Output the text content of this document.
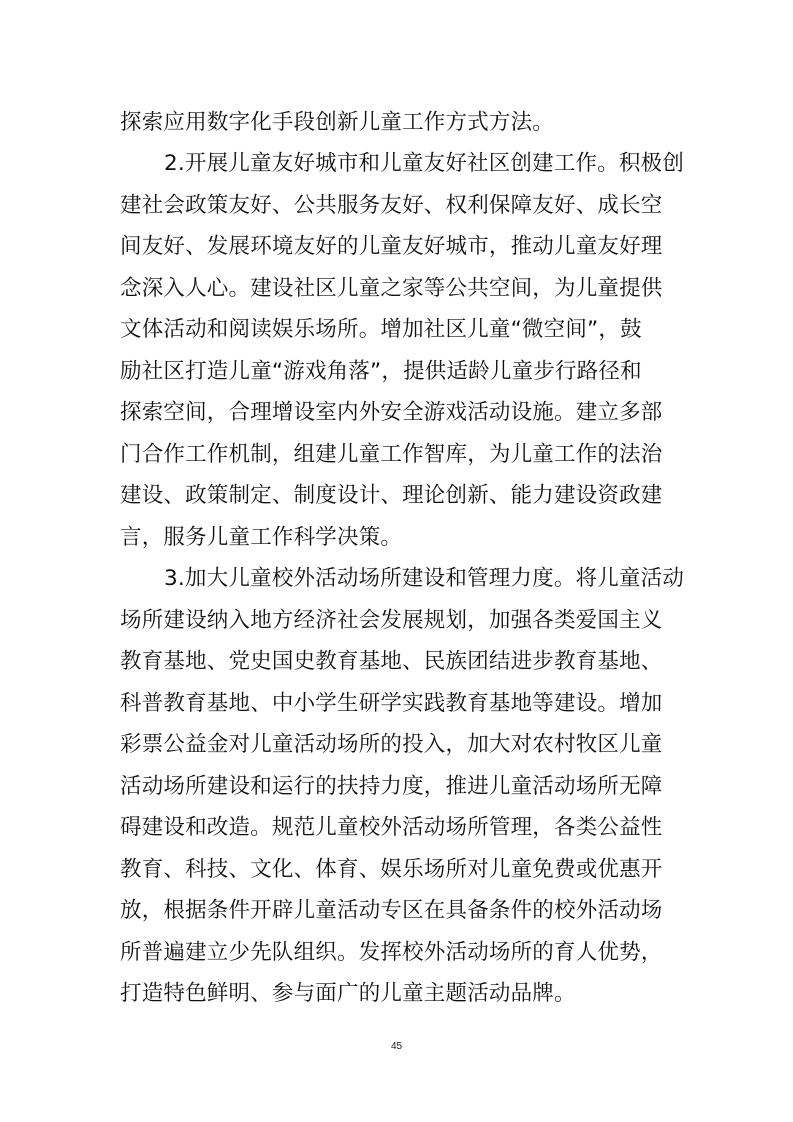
探索应用数字化手段创新儿童工作方式方法。
2.开展儿童友好城市和儿童友好社区创建工作。积极创
建社会政策友好、公共服务友好、权利保障友好、成长空
间友好、发展环境友好的儿童友好城市，推动儿童友好理
念深入人心。建设社区儿童之家等公共空间，为儿童提供
文体活动和阅读娱乐场所。增加社区儿童“微空间”，鼓
励社区打造儿童“游戏角落”，提供适龄儿童步行路径和
探索空间，合理增设室内外安全游戏活动设施。建立多部
门合作工作机制，组建儿童工作智库，为儿童工作的法治
建设、政策制定、制度设计、理论创新、能力建设资政建
言，服务儿童工作科学决策。
3.加大儿童校外活动场所建设和管理力度。将儿童活动
场所建设纳入地方经济社会发展规划，加强各类爱国主义
教育基地、党史国史教育基地、民族团结进步教育基地、
科普教育基地、中小学生研学实践教育基地等建设。增加
彩票公益金对儿童活动场所的投入，加大对农村牧区儿童
活动场所建设和运行的扶持力度，推进儿童活动场所无障
碍建设和改造。规范儿童校外活动场所管理，各类公益性
教育、科技、文化、体育、娱乐场所对儿童免费或优惠开
放，根据条件开辟儿童活动专区在具备条件的校外活动场
所普遍建立少先队组织。发挥校外活动场所的育人优势，
打造特色鲜明、参与面广的儿童主题活动品牌。
45
